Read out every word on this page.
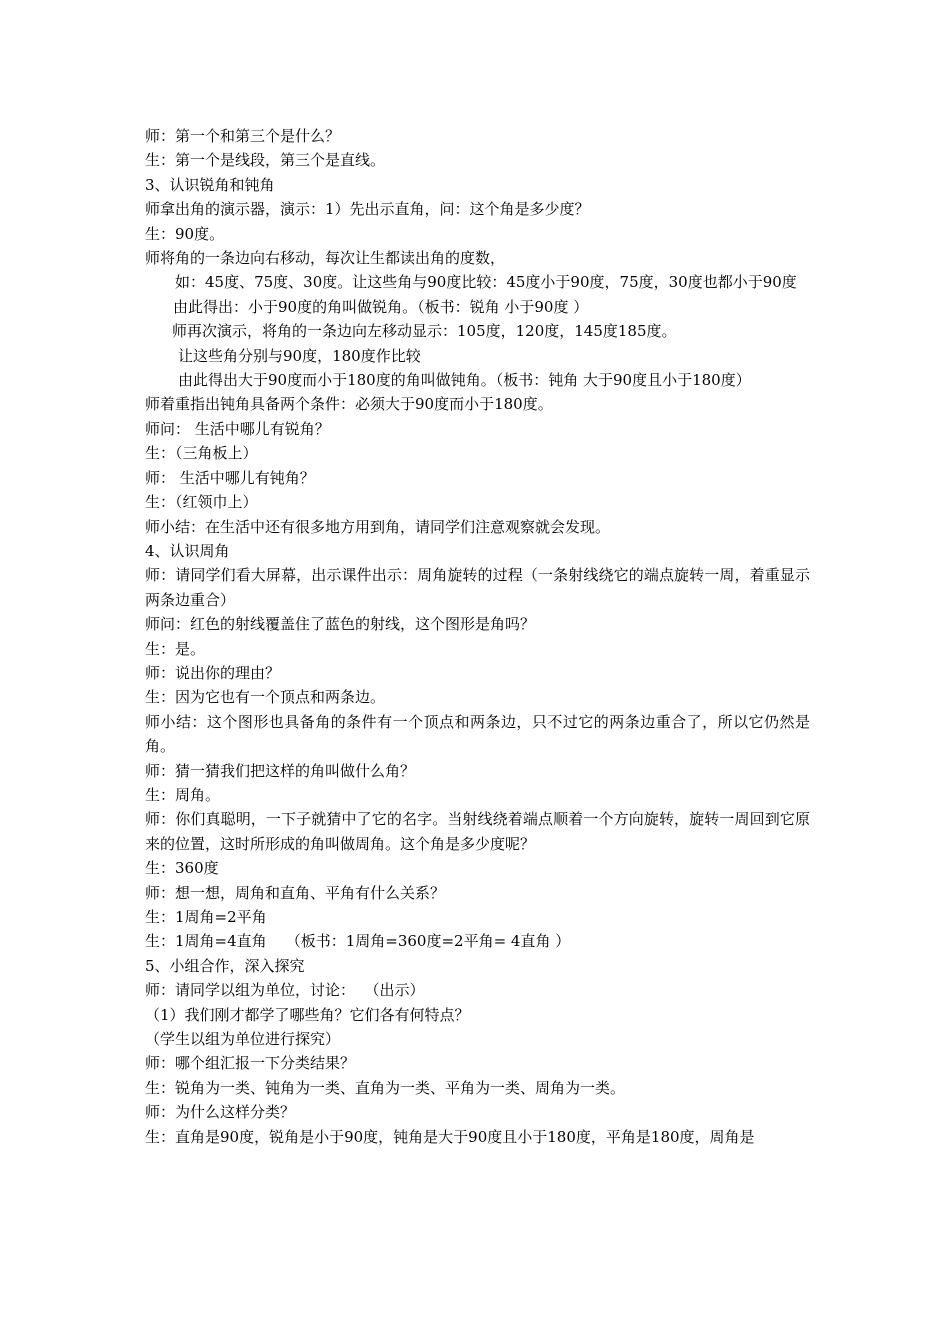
师：第一个和第三个是什么？
生：第一个是线段，第三个是直线。
3、认识锐角和钝角
师拿出角的演示器，演示：1）先出示直角，问：这个角是多少度？
生：90度。
师将角的一条边向右移动，每次让生都读出角的度数，
如：45度、75度、30度。让这些角与90度比较：45度小于90度，75度，30度也都小于90度
由此得出：小于90度的角叫做锐角。（板书：锐角 小于90度 ）
师再次演示，将角的一条边向左移动显示：105度，120度，145度185度。
让这些角分别与90度，180度作比较
由此得出大于90度而小于180度的角叫做钝角。（板书：钝角 大于90度且小于180度）
师着重指出钝角具备两个条件：必须大于90度而小于180度。
师问： 生活中哪儿有锐角？
生：（三角板上）
师： 生活中哪儿有钝角？
生：（红领巾上）
师小结：在生活中还有很多地方用到角，请同学们注意观察就会发现。
4、认识周角
师：请同学们看大屏幕，出示课件出示：周角旋转的过程（一条射线绕它的端点旋转一周，着重显示两条边重合）
师问：红色的射线覆盖住了蓝色的射线，这个图形是角吗？
生：是。
师：说出你的理由？
生：因为它也有一个顶点和两条边。
师小结：这个图形也具备角的条件有一个顶点和两条边，只不过它的两条边重合了，所以它仍然是角。
师：猜一猜我们把这样的角叫做什么角？
生：周角。
师：你们真聪明，一下子就猜中了它的名字。当射线绕着端点顺着一个方向旋转，旋转一周回到它原来的位置，这时所形成的角叫做周角。这个角是多少度呢？
生：360度
师：想一想，周角和直角、平角有什么关系？
生：1周角=2平角
生：1周角=4直角    （板书：1周角=360度=2平角= 4直角 ）
5、小组合作，深入探究
师：请同学以组为单位，讨论：  （出示）
（1）我们刚才都学了哪些角？它们各有何特点？
（学生以组为单位进行探究）
师：哪个组汇报一下分类结果？
生：锐角为一类、钝角为一类、直角为一类、平角为一类、周角为一类。
师：为什么这样分类？
生：直角是90度，锐角是小于90度，钝角是大于90度且小于180度，平角是180度，周角是
